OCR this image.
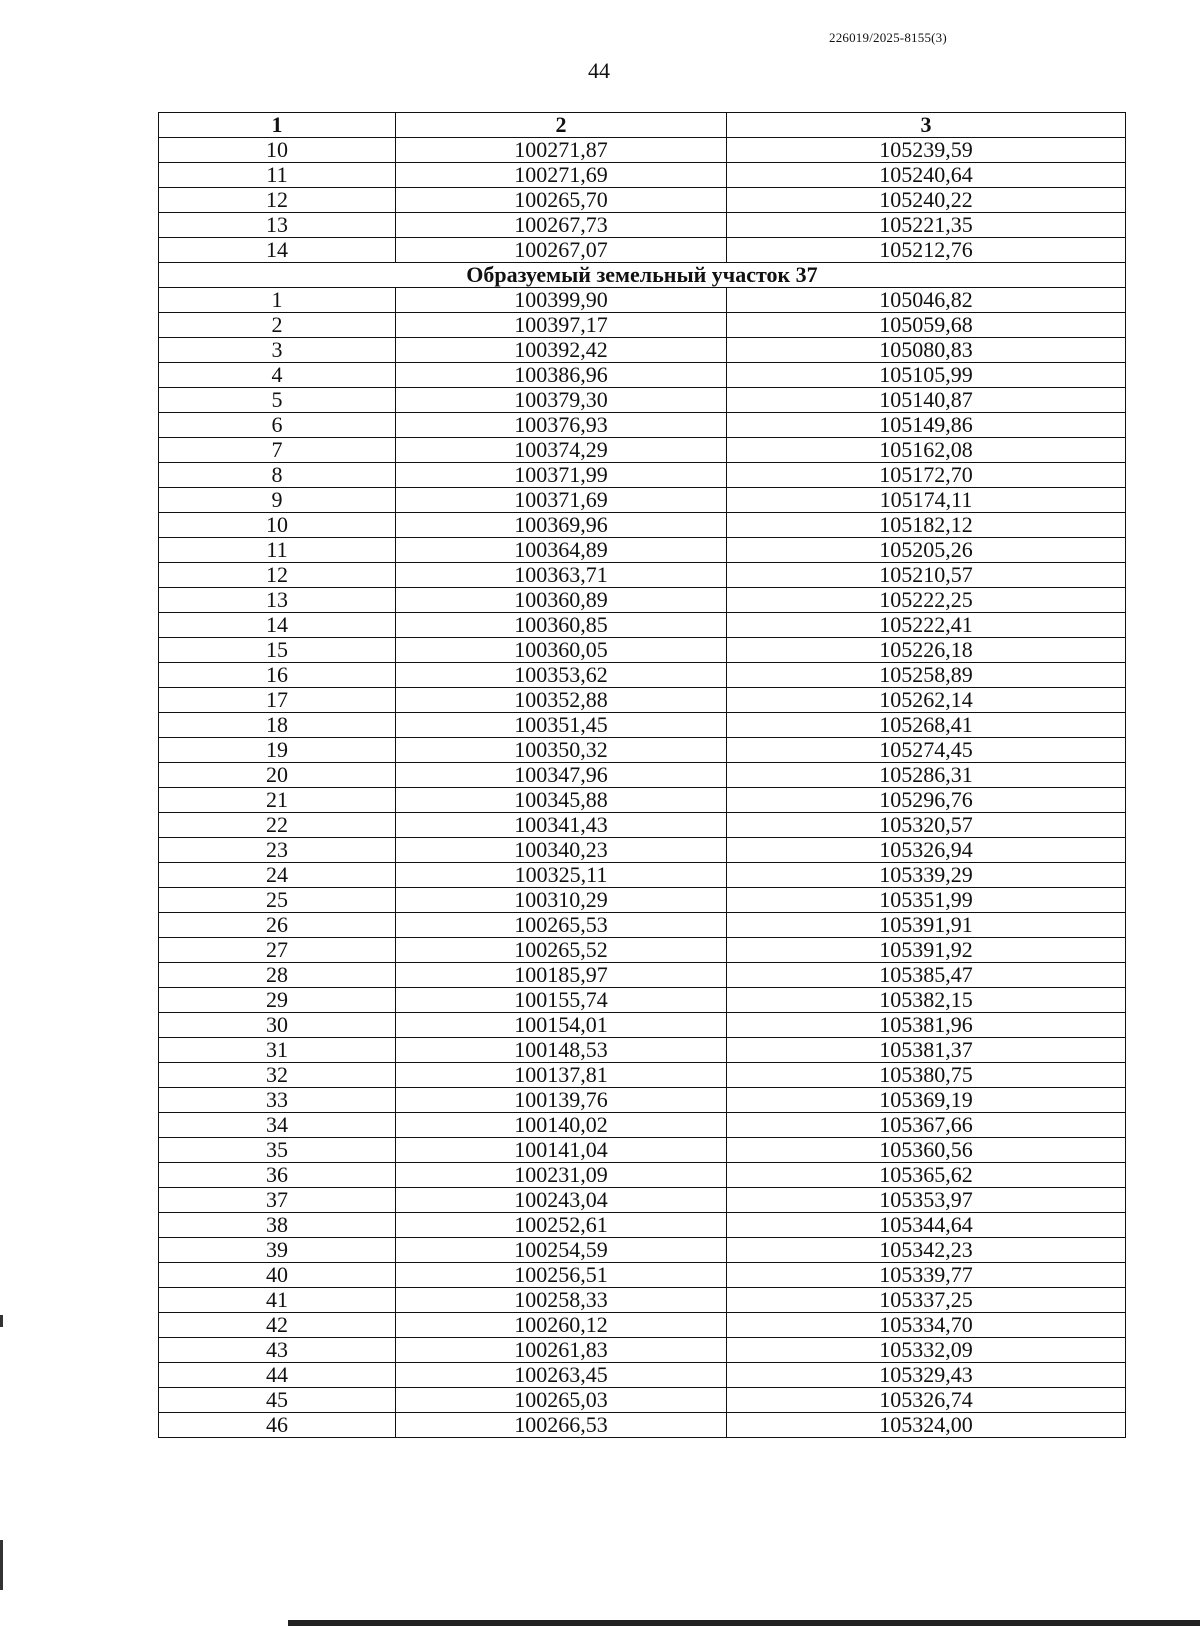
226019/2025-8155(3)
44
1	2	3
10	100271,87	105239,59
11	100271,69	105240,64
12	100265,70	105240,22
13	100267,73	105221,35
14	100267,07	105212,76
Образуемый земельный участок 37		
1	100399,90	105046,82
2	100397,17	105059,68
3	100392,42	105080,83
4	100386,96	105105,99
5	100379,30	105140,87
6	100376,93	105149,86
7	100374,29	105162,08
8	100371,99	105172,70
9	100371,69	105174,11
10	100369,96	105182,12
11	100364,89	105205,26
12	100363,71	105210,57
13	100360,89	105222,25
14	100360,85	105222,41
15	100360,05	105226,18
16	100353,62	105258,89
17	100352,88	105262,14
18	100351,45	105268,41
19	100350,32	105274,45
20	100347,96	105286,31
21	100345,88	105296,76
22	100341,43	105320,57
23	100340,23	105326,94
24	100325,11	105339,29
25	100310,29	105351,99
26	100265,53	105391,91
27	100265,52	105391,92
28	100185,97	105385,47
29	100155,74	105382,15
30	100154,01	105381,96
31	100148,53	105381,37
32	100137,81	105380,75
33	100139,76	105369,19
34	100140,02	105367,66
35	100141,04	105360,56
36	100231,09	105365,62
37	100243,04	105353,97
38	100252,61	105344,64
39	100254,59	105342,23
40	100256,51	105339,77
41	100258,33	105337,25
42	100260,12	105334,70
43	100261,83	105332,09
44	100263,45	105329,43
45	100265,03	105326,74
46	100266,53	105324,00
